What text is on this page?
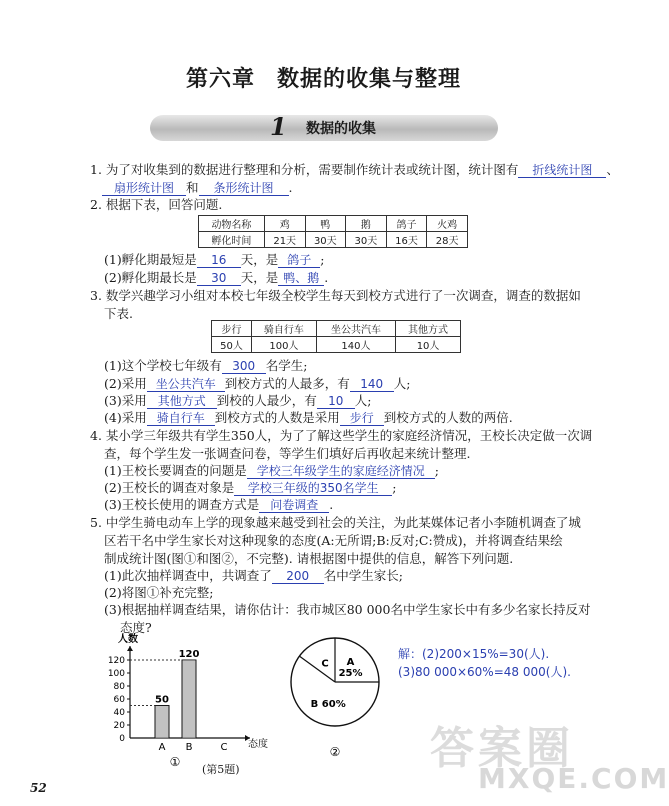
第六章 数据的收集与整理
1 数据的收集
1. 为了对收集到的数据进行整理和分析，需要制作统计表或统计图，统计图有 折线统计图 、
扇形统计图 和 条形统计图 .
2. 根据下表，回答问题.
动物名称	鸡	鸭	鹅	鸽子	火鸡
孵化时间	21天	30天	30天	16天	28天
(1)孵化期最短是 16 天，是 鸽子 ;
(2)孵化期最长是 30 天，是 鸭、鹅 .
3. 数学兴趣学习小组对本校七年级全校学生每天到校方式进行了一次调查，调查的数据如
下表.
步行	骑自行车	坐公共汽车	其他方式
50人	100人	140人	10人
(1)这个学校七年级有 300 名学生;
(2)采用 坐公共汽车 到校方式的人最多，有 140 人;
(3)采用 其他方式 到校的人最少，有 10 人;
(4)采用 骑自行车 到校方式的人数是采用 步行 到校方式的人数的两倍.
4. 某小学三年级共有学生350人，为了了解这些学生的家庭经济情况，王校长决定做一次调
查，每个学生发一张调查问卷，等学生们填好后再收起来统计整理.
(1)王校长要调查的问题是 学校三年级学生的家庭经济情况 ;
(2)王校长的调查对象是 学校三年级的350名学生 ;
(3)王校长使用的调查方式是 问卷调查 .
5. 中学生骑电动车上学的现象越来越受到社会的关注，为此某媒体记者小李随机调查了城
区若干名中学生家长对这种现象的态度(A:无所谓;B:反对;C:赞成)，并将调查结果绘
制成统计图(图①和图②，不完整). 请根据图中提供的信息，解答下列问题.
(1)此次抽样调查中，共调查了 200 名中学生家长;
(2)将图①补充完整;
(3)根据抽样调查结果，请你估计：我市城区80 000名中学生家长中有多少名家长持反对
态度?
人数
态度
0
20
40
60
80
100
120
50
A
120
B	C
①
A
25%
B 60%
C
②
解：(2)200×15%=30(人).
(3)80 000×60%=48 000(人).
(第5题)
52
答案圈
MXQE.COM
